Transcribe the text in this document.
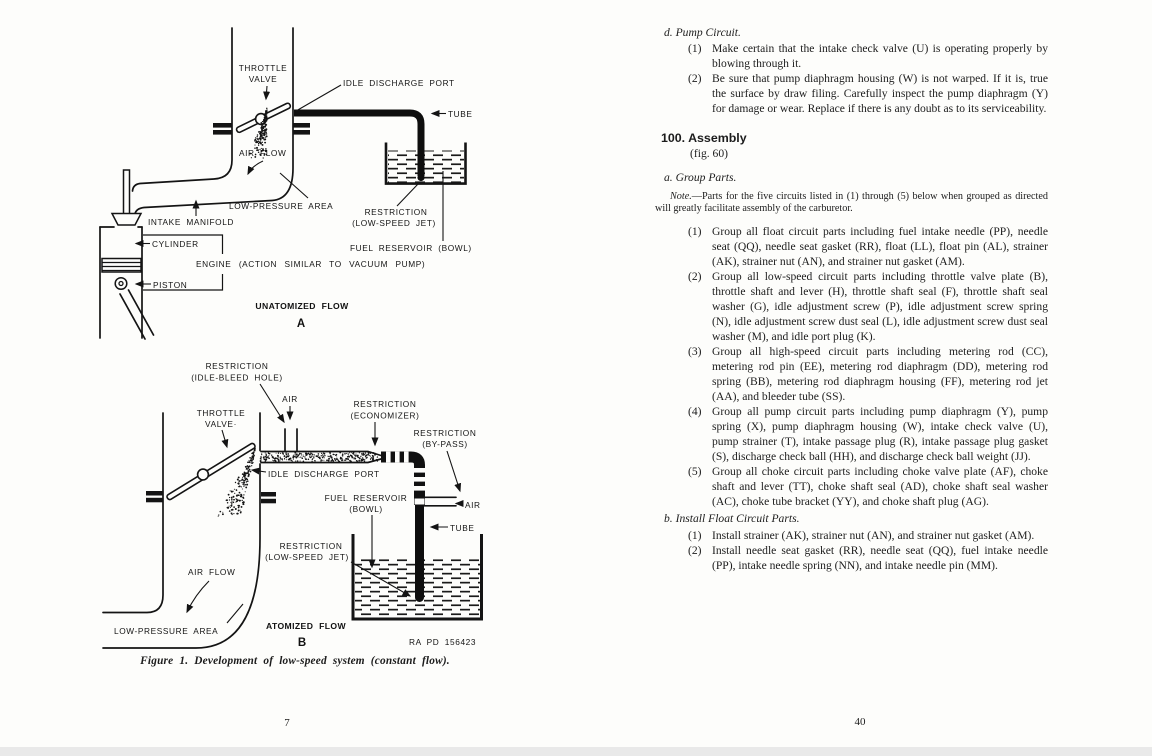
THROTTLE
VALVE	IDLE DISCHARGE PORT
TUBE
AIR FLOW
LOW-PRESSURE AREA
INTAKE MANIFOLD
CYLINDER
PISTON
ENGINE (ACTION SIMILAR TO VACUUM PUMP)
RESTRICTION
(LOW-SPEED JET)
FUEL RESERVOIR (BOWL)
UNATOMIZED FLOW
A
RESTRICTION
(IDLE-BLEED HOLE)
AIR	RESTRICTION
(ECONOMIZER)
RESTRICTION
(BY-PASS)
THROTTLE
VALVE·
IDLE DISCHARGE PORT
FUEL RESERVOIR
(BOWL)	AIR
TUBE
RESTRICTION
(LOW-SPEED JET)
AIR FLOW
LOW-PRESSURE AREA	ATOMIZED FLOW
B	RA PD 156423
Figure 1. Development of low-speed system (constant flow).
7
d. Pump Circuit.
(1) Make certain that the intake check valve (U) is operating properly by blowing through it.
(2) Be sure that pump diaphragm housing (W) is not warped. If it is, true the surface by draw filing. Carefully inspect the pump diaphragm (Y) for damage or wear. Replace if there is any doubt as to its serviceability.
100. Assembly
(fig. 60)
a. Group Parts.
Note.—Parts for the five circuits listed in (1) through (5) below when grouped as directed will greatly facilitate assembly of the carburetor.
(1) Group all float circuit parts including fuel intake needle (PP), needle seat (QQ), needle seat gasket (RR), float (LL), float pin (AL), strainer (AK), strainer nut (AN), and strainer nut gasket (AM).
(2) Group all low-speed circuit parts including throttle valve plate (B), throttle shaft and lever (H), throttle shaft seal (F), throttle shaft seal washer (G), idle adjustment screw (P), idle adjustment screw spring (N), idle adjustment screw dust seal (L), idle adjustment screw dust seal washer (M), and idle port plug (K).
(3) Group all high-speed circuit parts including metering rod (CC), metering rod pin (EE), metering rod diaphragm (DD), metering rod spring (BB), metering rod diaphragm housing (FF), metering rod jet (AA), and bleeder tube (SS).
(4) Group all pump circuit parts including pump diaphragm (Y), pump spring (X), pump diaphragm housing (W), intake check valve (U), pump strainer (T), intake passage plug (R), intake passage plug gasket (S), discharge check ball (HH), and discharge check ball weight (JJ).
(5) Group all choke circuit parts including choke valve plate (AF), choke shaft and lever (TT), choke shaft seal (AD), choke shaft seal washer (AC), choke tube bracket (YY), and choke shaft plug (AG).
b. Install Float Circuit Parts.
(1) Install strainer (AK), strainer nut (AN), and strainer nut gasket (AM).
(2) Install needle seat gasket (RR), needle seat (QQ), fuel intake needle (PP), intake needle spring (NN), and intake needle pin (MM).
40
